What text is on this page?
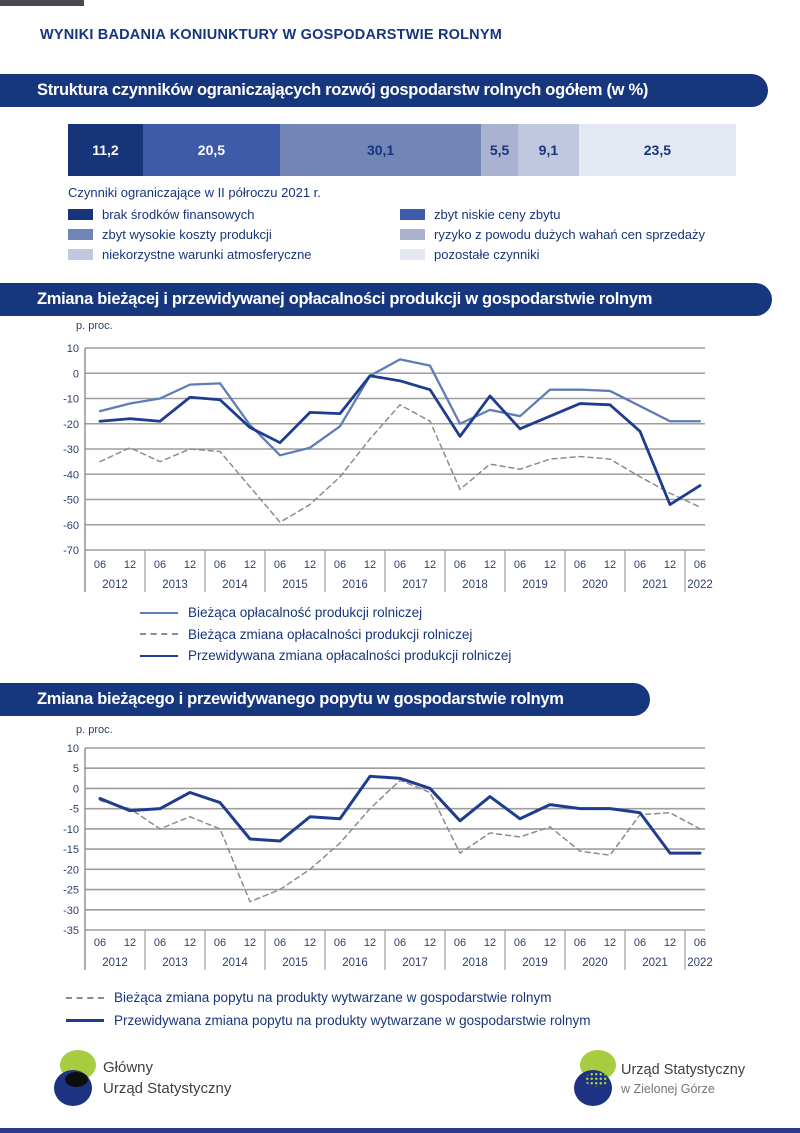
WYNIKI BADANIA KONIUNKTURY W GOSPODARSTWIE ROLNYM
Struktura czynników ograniczających rozwój gospodarstw rolnych ogółem (w %)
11,2	20,5	30,1	5,5	9,1	23,5
Czynniki ograniczające w II półroczu 2021 r.
brak środków finansowych
zbyt wysokie koszty produkcji
niekorzystne warunki atmosferyczne
zbyt niskie ceny zbytu
ryzyko z powodu dużych wahań cen sprzedaży
pozostałe czynniki
Zmiana bieżącej i przewidywanej opłacalności produkcji w gospodarstwie rolnym
p. proc.
10
0
-10
-20
-30
-40
-50
-60
-70
06 12 06 12 06 12 06 12 06 12 06 12 06 12 06 12 06 12 06 12 06
2012	2013	2014	2015	2016	2017	2018	2019	2020	2021 2022
Bieżąca opłacalność produkcji rolniczej
Bieżąca zmiana opłacalności produkcji rolniczej
Przewidywana zmiana opłacalności produkcji rolniczej
Zmiana bieżącego i przewidywanego popytu w gospodarstwie rolnym
p. proc.
10
5
0
-5
-10
-15
-20
-25
-30
-35
06 12 06 12 06 12 06 12 06 12 06 12 06 12 06 12 06 12 06 12 06
2012	2013	2014	2015	2016	2017	2018	2019	2020	2021 2022
Bieżąca zmiana popytu na produkty wytwarzane w gospodarstwie rolnym
Przewidywana zmiana popytu na produkty wytwarzane w gospodarstwie rolnym
Główny
Urząd Statystyczny
Urząd Statystyczny
w Zielonej Górze
